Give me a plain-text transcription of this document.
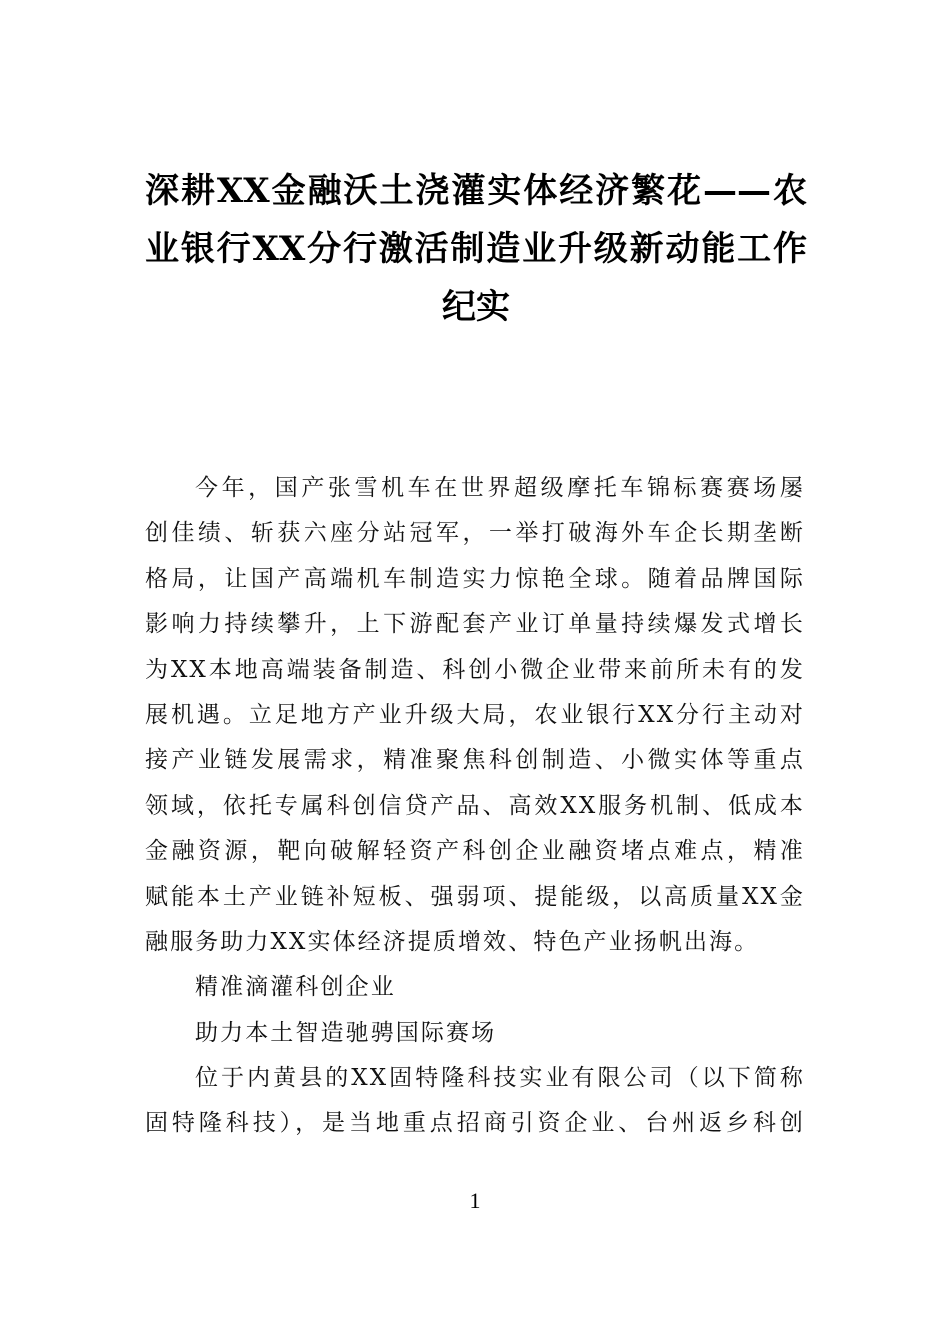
深耕XX金融沃土浇灌实体经济繁花——农
业银行XX分行激活制造业升级新动能工作
纪实
今年，国产张雪机车在世界超级摩托车锦标赛赛场屡
创佳绩、斩获六座分站冠军，一举打破海外车企长期垄断
格局，让国产高端机车制造实力惊艳全球。随着品牌国际
影响力持续攀升，上下游配套产业订单量持续爆发式增长
为XX本地高端装备制造、科创小微企业带来前所未有的发
展机遇。立足地方产业升级大局，农业银行XX分行主动对
接产业链发展需求，精准聚焦科创制造、小微实体等重点
领域，依托专属科创信贷产品、高效XX服务机制、低成本
金融资源，靶向破解轻资产科创企业融资堵点难点，精准
赋能本土产业链补短板、强弱项、提能级，以高质量XX金
融服务助力XX实体经济提质增效、特色产业扬帆出海。
精准滴灌科创企业
助力本土智造驰骋国际赛场
位于内黄县的XX固特隆科技实业有限公司（以下简称
固特隆科技），是当地重点招商引资企业、台州返乡科创
1
